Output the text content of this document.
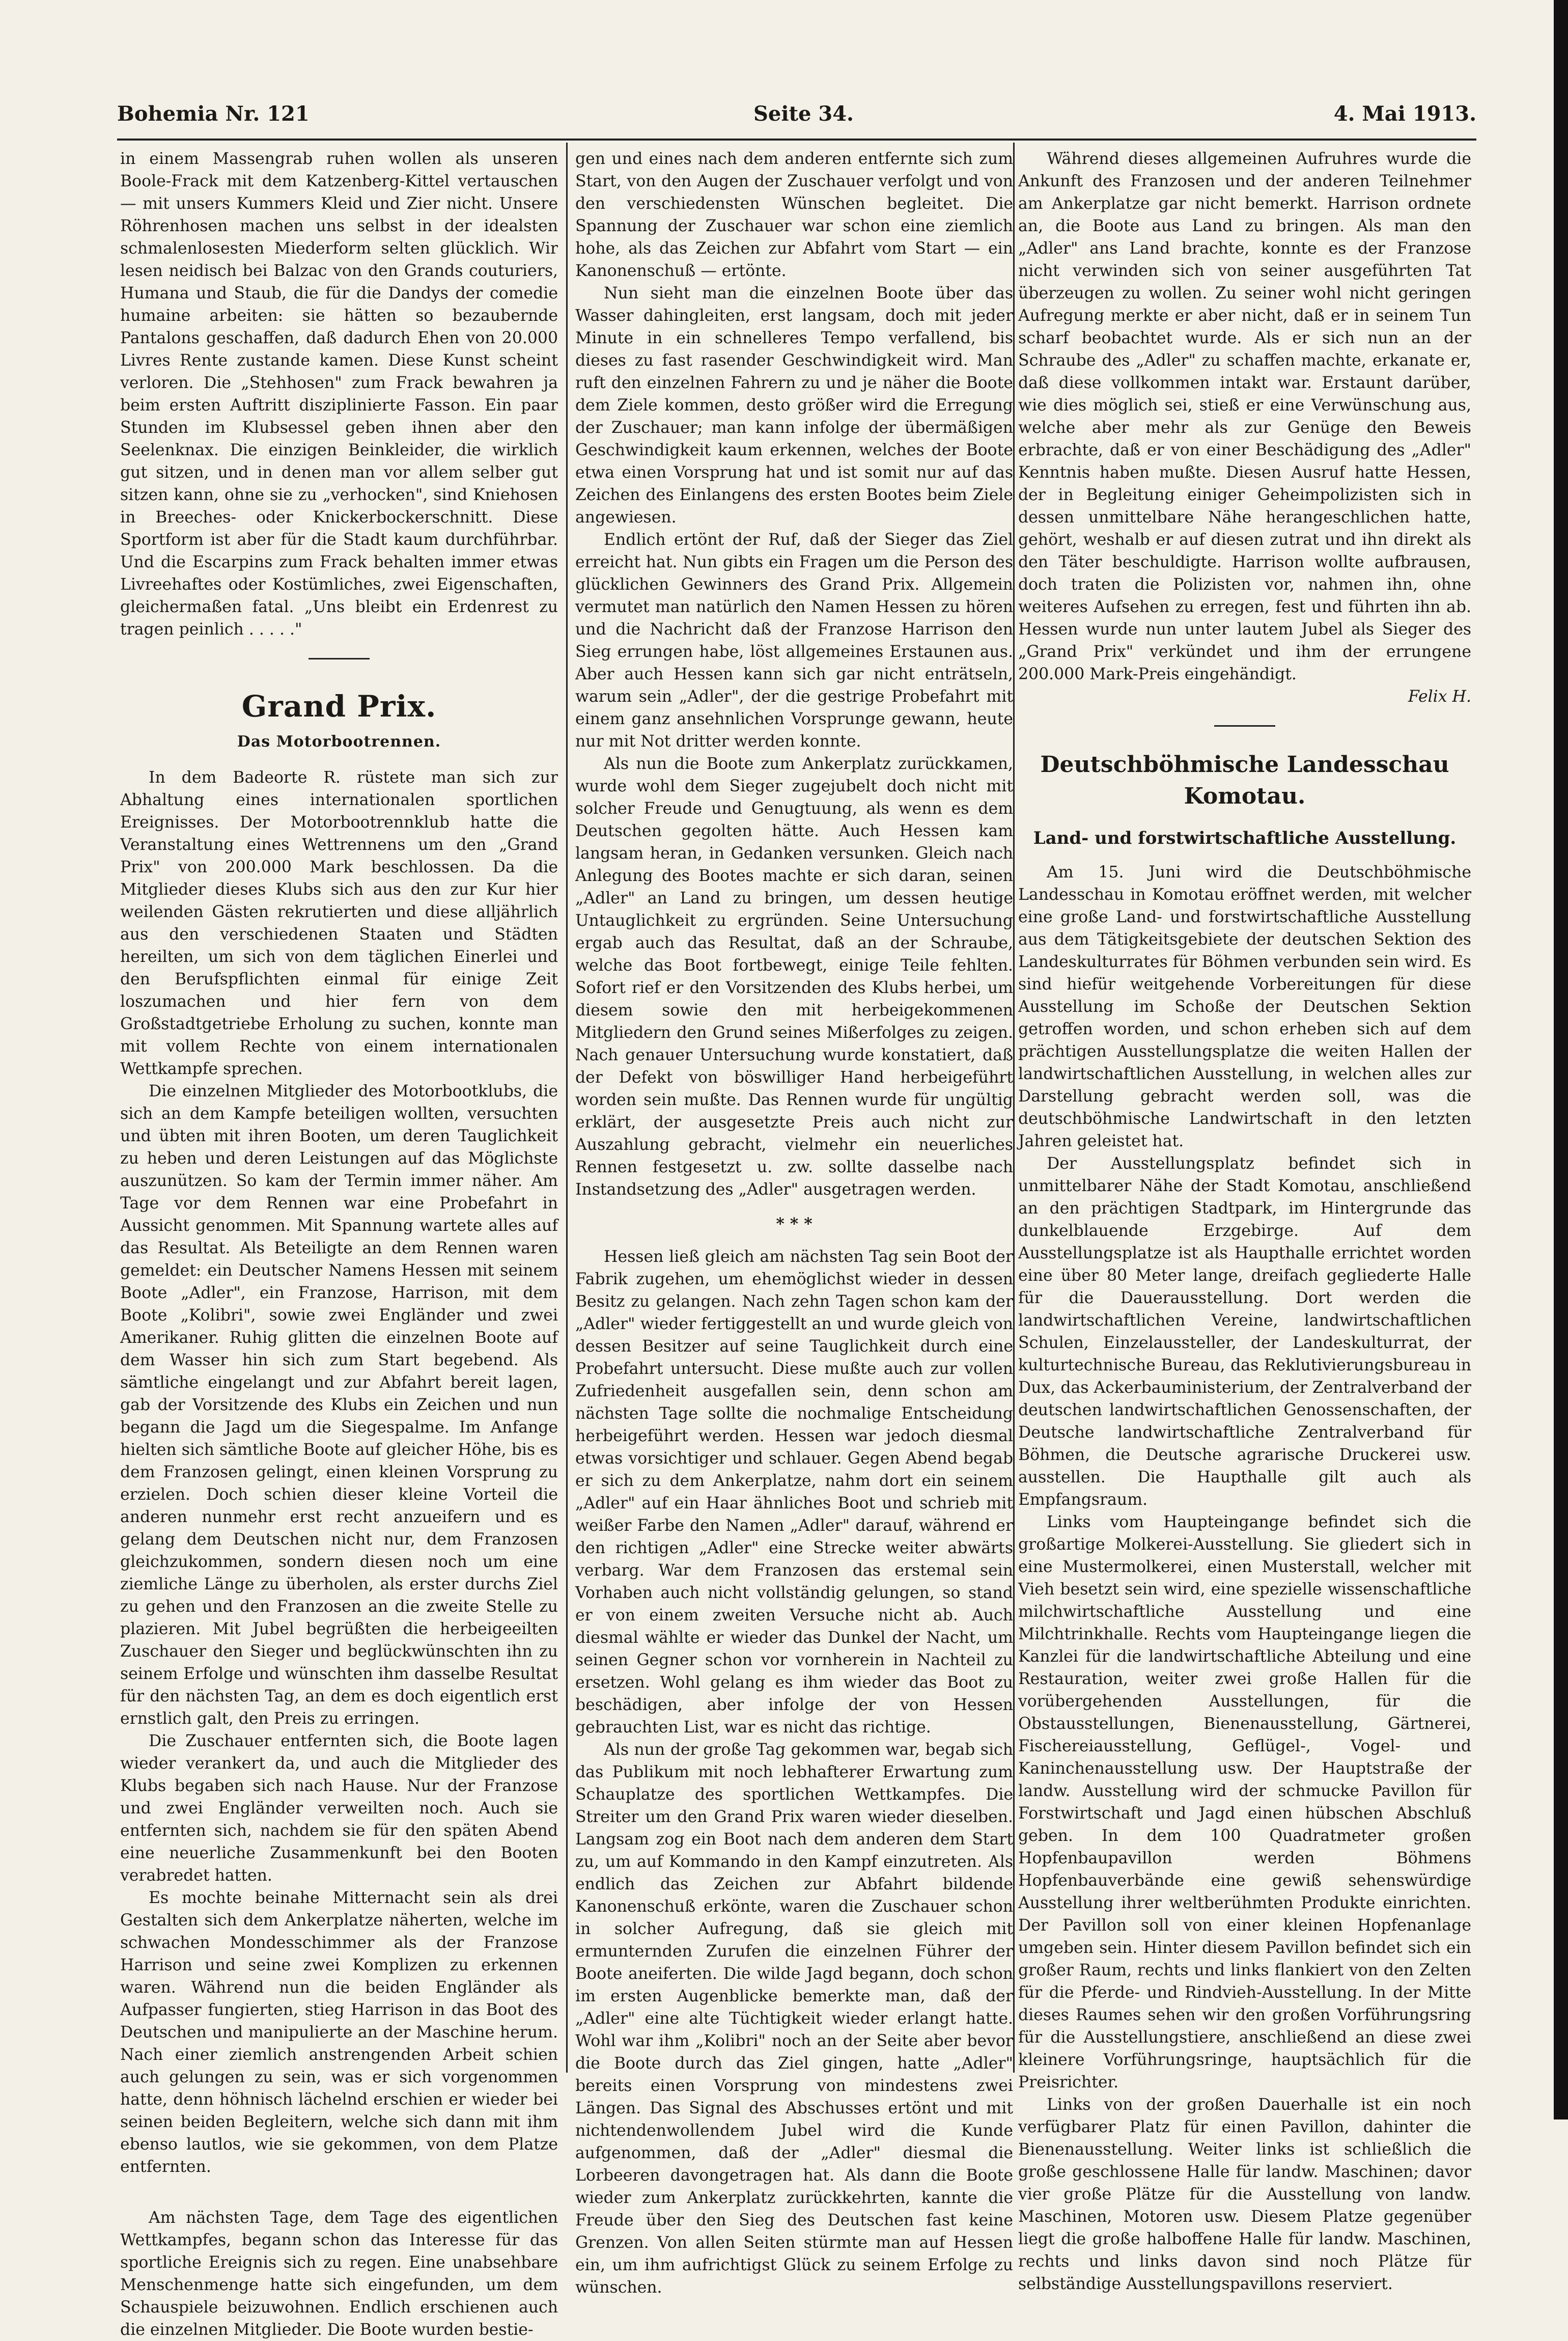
Bohemia Nr. 121	Seite 34.	4. Mai 1913.

in einem Massengrab ruhen wollen als unseren Boole-Frack mit dem Katzenberg-Kittel vertauschen — mit unsers Kummers Kleid und Zier nicht. Unsere Röhrenhosen machen uns selbst in der idealsten schmalenlosesten Miederform selten glücklich. Wir lesen neidisch bei Balzac von den Grands couturiers, Humana und Staub, die für die Dandys der comedie humaine arbeiten: sie hätten so bezaubernde Pantalons geschaffen, daß dadurch Ehen von 20.000 Livres Rente zustande kamen. Diese Kunst scheint verloren. Die „Stehhosen" zum Frack bewahren ja beim ersten Auftritt disziplinierte Fasson. Ein paar Stunden im Klubsessel geben ihnen aber den Seelenknax. Die einzigen Beinkleider, die wirklich gut sitzen, und in denen man vor allem selber gut sitzen kann, ohne sie zu „verhocken", sind Kniehosen in Breeches- oder Knickerbockerschnitt. Diese Sportform ist aber für die Stadt kaum durchführbar. Und die Escarpins zum Frack behalten immer etwas Livreehaftes oder Kostümliches, zwei Eigenschaften, gleichermaßen fatal. „Uns bleibt ein Erdenrest zu tragen peinlich . . . . ."

Grand Prix.
Das Motorbootrennen.

In dem Badeorte R. rüstete man sich zur Abhaltung eines internationalen sportlichen Ereignisses. Der Motorbootrennklub hatte die Veranstaltung eines Wettrennens um den „Grand Prix" von 200.000 Mark beschlossen. Da die Mitglieder dieses Klubs sich aus den zur Kur hier weilenden Gästen rekrutierten und diese alljährlich aus den verschiedenen Staaten und Städten hereilten, um sich von dem täglichen Einerlei und den Berufspflichten einmal für einige Zeit loszumachen und hier fern von dem Großstadtgetriebe Erholung zu suchen, konnte man mit vollem Rechte von einem internationalen Wettkampfe sprechen.

Die einzelnen Mitglieder des Motorbootklubs, die sich an dem Kampfe beteiligen wollten, versuchten und übten mit ihren Booten, um deren Tauglichkeit zu heben und deren Leistungen auf das Möglichste auszunützen. So kam der Termin immer näher. Am Tage vor dem Rennen war eine Probefahrt in Aussicht genommen. Mit Spannung wartete alles auf das Resultat. Als Beteiligte an dem Rennen waren gemeldet: ein Deutscher Namens Hessen mit seinem Boote „Adler", ein Franzose, Harrison, mit dem Boote „Kolibri", sowie zwei Engländer und zwei Amerikaner. Ruhig glitten die einzelnen Boote auf dem Wasser hin sich zum Start begebend. Als sämtliche eingelangt und zur Abfahrt bereit lagen, gab der Vorsitzende des Klubs ein Zeichen und nun begann die Jagd um die Siegespalme. Im Anfange hielten sich sämtliche Boote auf gleicher Höhe, bis es dem Franzosen gelingt, einen kleinen Vorsprung zu erzielen. Doch schien dieser kleine Vorteil die anderen nunmehr erst recht anzueifern und es gelang dem Deutschen nicht nur, dem Franzosen gleichzukommen, sondern diesen noch um eine ziemliche Länge zu überholen, als erster durchs Ziel zu gehen und den Franzosen an die zweite Stelle zu plazieren. Mit Jubel begrüßten die herbeigeeilten Zuschauer den Sieger und beglückwünschten ihn zu seinem Erfolge und wünschten ihm dasselbe Resultat für den nächsten Tag, an dem es doch eigentlich erst ernstlich galt, den Preis zu erringen.

Die Zuschauer entfernten sich, die Boote lagen wieder verankert da, und auch die Mitglieder des Klubs begaben sich nach Hause. Nur der Franzose und zwei Engländer verweilten noch. Auch sie entfernten sich, nachdem sie für den späten Abend eine neuerliche Zusammenkunft bei den Booten verabredet hatten.

Es mochte beinahe Mitternacht sein als drei Gestalten sich dem Ankerplatze näherten, welche im schwachen Mondesschimmer als der Franzose Harrison und seine zwei Komplizen zu erkennen waren. Während nun die beiden Engländer als Aufpasser fungierten, stieg Harrison in das Boot des Deutschen und manipulierte an der Maschine herum. Nach einer ziemlich anstrengenden Arbeit schien auch gelungen zu sein, was er sich vorgenommen hatte, denn höhnisch lächelnd erschien er wieder bei seinen beiden Begleitern, welche sich dann mit ihm ebenso lautlos, wie sie gekommen, von dem Platze entfernten.

Am nächsten Tage, dem Tage des eigentlichen Wettkampfes, begann schon das Interesse für das sportliche Ereignis sich zu regen. Eine unabsehbare Menschenmenge hatte sich eingefunden, um dem Schauspiele beizuwohnen. Endlich erschienen auch die einzelnen Mitglieder. Die Boote wurden bestie-

gen und eines nach dem anderen entfernte sich zum Start, von den Augen der Zuschauer verfolgt und von den verschiedensten Wünschen begleitet. Die Spannung der Zuschauer war schon eine ziemlich hohe, als das Zeichen zur Abfahrt vom Start — ein Kanonenschuß — ertönte.

Nun sieht man die einzelnen Boote über das Wasser dahingleiten, erst langsam, doch mit jeder Minute in ein schnelleres Tempo verfallend, bis dieses zu fast rasender Geschwindigkeit wird. Man ruft den einzelnen Fahrern zu und je näher die Boote dem Ziele kommen, desto größer wird die Erregung der Zuschauer; man kann infolge der übermäßigen Geschwindigkeit kaum erkennen, welches der Boote etwa einen Vorsprung hat und ist somit nur auf das Zeichen des Einlangens des ersten Bootes beim Ziele angewiesen.

Endlich ertönt der Ruf, daß der Sieger das Ziel erreicht hat. Nun gibts ein Fragen um die Person des glücklichen Gewinners des Grand Prix. Allgemein vermutet man natürlich den Namen Hessen zu hören und die Nachricht daß der Franzose Harrison den Sieg errungen habe, löst allgemeines Erstaunen aus. Aber auch Hessen kann sich gar nicht enträtseln, warum sein „Adler", der die gestrige Probefahrt mit einem ganz ansehnlichen Vorsprunge gewann, heute nur mit Not dritter werden konnte.

Als nun die Boote zum Ankerplatz zurückkamen, wurde wohl dem Sieger zugejubelt doch nicht mit solcher Freude und Genugtuung, als wenn es dem Deutschen gegolten hätte. Auch Hessen kam langsam heran, in Gedanken versunken. Gleich nach Anlegung des Bootes machte er sich daran, seinen „Adler" an Land zu bringen, um dessen heutige Untauglichkeit zu ergründen. Seine Untersuchung ergab auch das Resultat, daß an der Schraube, welche das Boot fortbewegt, einige Teile fehlten. Sofort rief er den Vorsitzenden des Klubs herbei, um diesem sowie den mit herbeigekommenen Mitgliedern den Grund seines Mißerfolges zu zeigen. Nach genauer Untersuchung wurde konstatiert, daß der Defekt von böswilliger Hand herbeigeführt worden sein mußte. Das Rennen wurde für ungültig erklärt, der ausgesetzte Preis auch nicht zur Auszahlung gebracht, vielmehr ein neuerliches Rennen festgesetzt u. zw. sollte dasselbe nach Instandsetzung des „Adler" ausgetragen werden.

* * *

Hessen ließ gleich am nächsten Tag sein Boot der Fabrik zugehen, um ehemöglichst wieder in dessen Besitz zu gelangen. Nach zehn Tagen schon kam der „Adler" wieder fertiggestellt an und wurde gleich von dessen Besitzer auf seine Tauglichkeit durch eine Probefahrt untersucht. Diese mußte auch zur vollen Zufriedenheit ausgefallen sein, denn schon am nächsten Tage sollte die nochmalige Entscheidung herbeigeführt werden. Hessen war jedoch diesmal etwas vorsichtiger und schlauer. Gegen Abend begab er sich zu dem Ankerplatze, nahm dort ein seinem „Adler" auf ein Haar ähnliches Boot und schrieb mit weißer Farbe den Namen „Adler" darauf, während er den richtigen „Adler" eine Strecke weiter abwärts verbarg. War dem Franzosen das erstemal sein Vorhaben auch nicht vollständig gelungen, so stand er von einem zweiten Versuche nicht ab. Auch diesmal wählte er wieder das Dunkel der Nacht, um seinen Gegner schon vor vornherein in Nachteil zu ersetzen. Wohl gelang es ihm wieder das Boot zu beschädigen, aber infolge der von Hessen gebrauchten List, war es nicht das richtige.

Als nun der große Tag gekommen war, begab sich das Publikum mit noch lebhafterer Erwartung zum Schauplatze des sportlichen Wettkampfes. Die Streiter um den Grand Prix waren wieder dieselben. Langsam zog ein Boot nach dem anderen dem Start zu, um auf Kommando in den Kampf einzutreten. Als endlich das Zeichen zur Abfahrt bildende Kanonenschuß erkönte, waren die Zuschauer schon in solcher Aufregung, daß sie gleich mit ermunternden Zurufen die einzelnen Führer der Boote aneiferten. Die wilde Jagd begann, doch schon im ersten Augenblicke bemerkte man, daß der „Adler" eine alte Tüchtigkeit wieder erlangt hatte. Wohl war ihm „Kolibri" noch an der Seite aber bevor die Boote durch das Ziel gingen, hatte „Adler" bereits einen Vorsprung von mindestens zwei Längen. Das Signal des Abschusses ertönt und mit nichtendenwollendem Jubel wird die Kunde aufgenommen, daß der „Adler" diesmal die Lorbeeren davongetragen hat. Als dann die Boote wieder zum Ankerplatz zurückkehrten, kannte die Freude über den Sieg des Deutschen fast keine Grenzen. Von allen Seiten stürmte man auf Hessen ein, um ihm aufrichtigst Glück zu seinem Erfolge zu wünschen.

Während dieses allgemeinen Aufruhres wurde die Ankunft des Franzosen und der anderen Teilnehmer am Ankerplatze gar nicht bemerkt. Harrison ordnete an, die Boote aus Land zu bringen. Als man den „Adler" ans Land brachte, konnte es der Franzose nicht verwinden sich von seiner ausgeführten Tat überzeugen zu wollen. Zu seiner wohl nicht geringen Aufregung merkte er aber nicht, daß er in seinem Tun scharf beobachtet wurde. Als er sich nun an der Schraube des „Adler" zu schaffen machte, erkanate er, daß diese vollkommen intakt war. Erstaunt darüber, wie dies möglich sei, stieß er eine Verwünschung aus, welche aber mehr als zur Genüge den Beweis erbrachte, daß er von einer Beschädigung des „Adler" Kenntnis haben mußte. Diesen Ausruf hatte Hessen, der in Begleitung einiger Geheimpolizisten sich in dessen unmittelbare Nähe herangeschlichen hatte, gehört, weshalb er auf diesen zutrat und ihn direkt als den Täter beschuldigte. Harrison wollte aufbrausen, doch traten die Polizisten vor, nahmen ihn, ohne weiteres Aufsehen zu erregen, fest und führten ihn ab. Hessen wurde nun unter lautem Jubel als Sieger des „Grand Prix" verkündet und ihm der errungene 200.000 Mark-Preis eingehändigt.

Felix H.

Deutschböhmische Landesschau Komotau.
Land- und forstwirtschaftliche Ausstellung.

Am 15. Juni wird die Deutschböhmische Landesschau in Komotau eröffnet werden, mit welcher eine große Land- und forstwirtschaftliche Ausstellung aus dem Tätigkeitsgebiete der deutschen Sektion des Landeskulturrates für Böhmen verbunden sein wird. Es sind hiefür weitgehende Vorbereitungen für diese Ausstellung im Schoße der Deutschen Sektion getroffen worden, und schon erheben sich auf dem prächtigen Ausstellungsplatze die weiten Hallen der landwirtschaftlichen Ausstellung, in welchen alles zur Darstellung gebracht werden soll, was die deutschböhmische Landwirtschaft in den letzten Jahren geleistet hat.

Der Ausstellungsplatz befindet sich in unmittelbarer Nähe der Stadt Komotau, anschließend an den prächtigen Stadtpark, im Hintergrunde das dunkelblauende Erzgebirge. Auf dem Ausstellungsplatze ist als Haupthalle errichtet worden eine über 80 Meter lange, dreifach gegliederte Halle für die Dauerausstellung. Dort werden die landwirtschaftlichen Vereine, landwirtschaftlichen Schulen, Einzelaussteller, der Landeskulturrat, der kulturtechnische Bureau, das Reklutivierungsbureau in Dux, das Ackerbauministerium, der Zentralverband der deutschen landwirtschaftlichen Genossenschaften, der Deutsche landwirtschaftliche Zentralverband für Böhmen, die Deutsche agrarische Druckerei usw. ausstellen. Die Haupthalle gilt auch als Empfangsraum.

Links vom Haupteingange befindet sich die großartige Molkerei-Ausstellung. Sie gliedert sich in eine Mustermolkerei, einen Musterstall, welcher mit Vieh besetzt sein wird, eine spezielle wissenschaftliche milchwirtschaftliche Ausstellung und eine Milchtrinkhalle. Rechts vom Haupteingange liegen die Kanzlei für die landwirtschaftliche Abteilung und eine Restauration, weiter zwei große Hallen für die vorübergehenden Ausstellungen, für die Obstausstellungen, Bienenausstellung, Gärtnerei, Fischereiausstellung, Geflügel-, Vogel- und Kaninchenausstellung usw. Der Hauptstraße der landw. Ausstellung wird der schmucke Pavillon für Forstwirtschaft und Jagd einen hübschen Abschluß geben. In dem 100 Quadratmeter großen Hopfenbaupavillon werden Böhmens Hopfenbauverbände eine gewiß sehenswürdige Ausstellung ihrer weltberühmten Produkte einrichten. Der Pavillon soll von einer kleinen Hopfenanlage umgeben sein. Hinter diesem Pavillon befindet sich ein großer Raum, rechts und links flankiert von den Zelten für die Pferde- und Rindvieh-Ausstellung. In der Mitte dieses Raumes sehen wir den großen Vorführungsring für die Ausstellungstiere, anschließend an diese zwei kleinere Vorführungsringe, hauptsächlich für die Preisrichter.

Links von der großen Dauerhalle ist ein noch verfügbarer Platz für einen Pavillon, dahinter die Bienenausstellung. Weiter links ist schließlich die große geschlossene Halle für landw. Maschinen; davor vier große Plätze für die Ausstellung von landw. Maschinen, Motoren usw. Diesem Platze gegenüber liegt die große halboffene Halle für landw. Maschinen, rechts und links davon sind noch Plätze für selbständige Ausstellungspavillons reserviert.
